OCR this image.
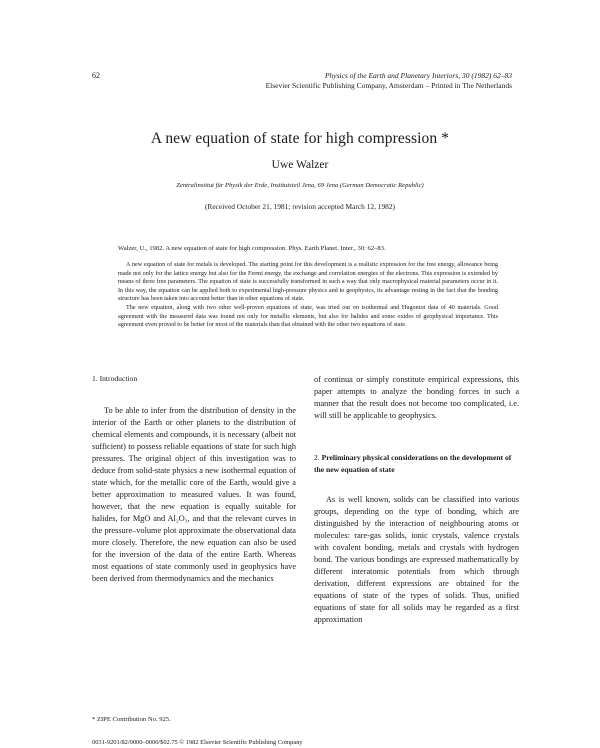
62	Physics of the Earth and Planetary Interiors, 30 (1982) 62–83
Elsevier Scientific Publishing Company, Amsterdam – Printed in The Netherlands
A new equation of state for high compression *
Uwe Walzer
Zentralinstitut für Physik der Erde, Institutsteil Jena, 69 Jena (German Democratic Republic)
(Received October 21, 1981; revision accepted March 12, 1982)
Walzer, U., 1982. A new equation of state for high compression. Phys. Earth Planet. Inter., 30: 62–83.

A new equation of state for metals is developed. The starting point for this development is a realistic expression for the free energy, allowance being made not only for the lattice energy but also for the Fermi energy, the exchange and correlation energies of the electrons. This expression is extended by means of three free parameters. The equation of state is successfully transformed in such a way that only macrophysical material parameters occur in it. In this way, the equation can be applied both to experimental high-pressure physics and to geophysics, its advantage resting in the fact that the bonding structure has been taken into account better than in other equations of state.

The new equation, along with two other well-proven equations of state, was tried out on isothermal and Hugoniot data of 40 materials. Good agreement with the measured data was found not only for metallic elements, but also for halides and some oxides of geophysical importance. This agreement even proved to be better for most of the materials than that obtained with the other two equations of state.

1. Introduction

To be able to infer from the distribution of density in the interior of the Earth or other planets to the distribution of chemical elements and compounds, it is necessary (albeit not sufficient) to possess reliable equations of state for such high pressures. The original object of this investigation was to deduce from solid-state physics a new isothermal equation of state which, for the metallic core of the Earth, would give a better approximation to measured values. It was found, however, that the new equation is equally suitable for halides, for MgO and Al₂O₃, and that the relevant curves in the pressure–volume plot approximate the observational data more closely. Therefore, the new equation can also be used for the inversion of the data of the entire Earth. Whereas most equations of state commonly used in geophysics have been derived from thermodynamics and the mechanics

of continua or simply constitute empirical expressions, this paper attempts to analyze the bonding forces in such a manner that the result does not become too complicated, i.e. will still be applicable to geophysics.

2. Preliminary physical considerations on the development of the new equation of state

As is well known, solids can be classified into various groups, depending on the type of bonding, which are distinguished by the interaction of neighbouring atoms or molecules: rare-gas solids, ionic crystals, valence crystals with covalent bonding, metals and crystals with hydrogen bond. The various bondings are expressed mathematically by different interatomic potentials from which through derivation, different expressions are obtained for the equations of state of the types of solids. Thus, unified equations of state for all solids may be regarded as a first approximation

* ZIPE Contribution No. 925.
0031-9201/82/0000–0000/$02.75 © 1982 Elsevier Scientific Publishing Company
